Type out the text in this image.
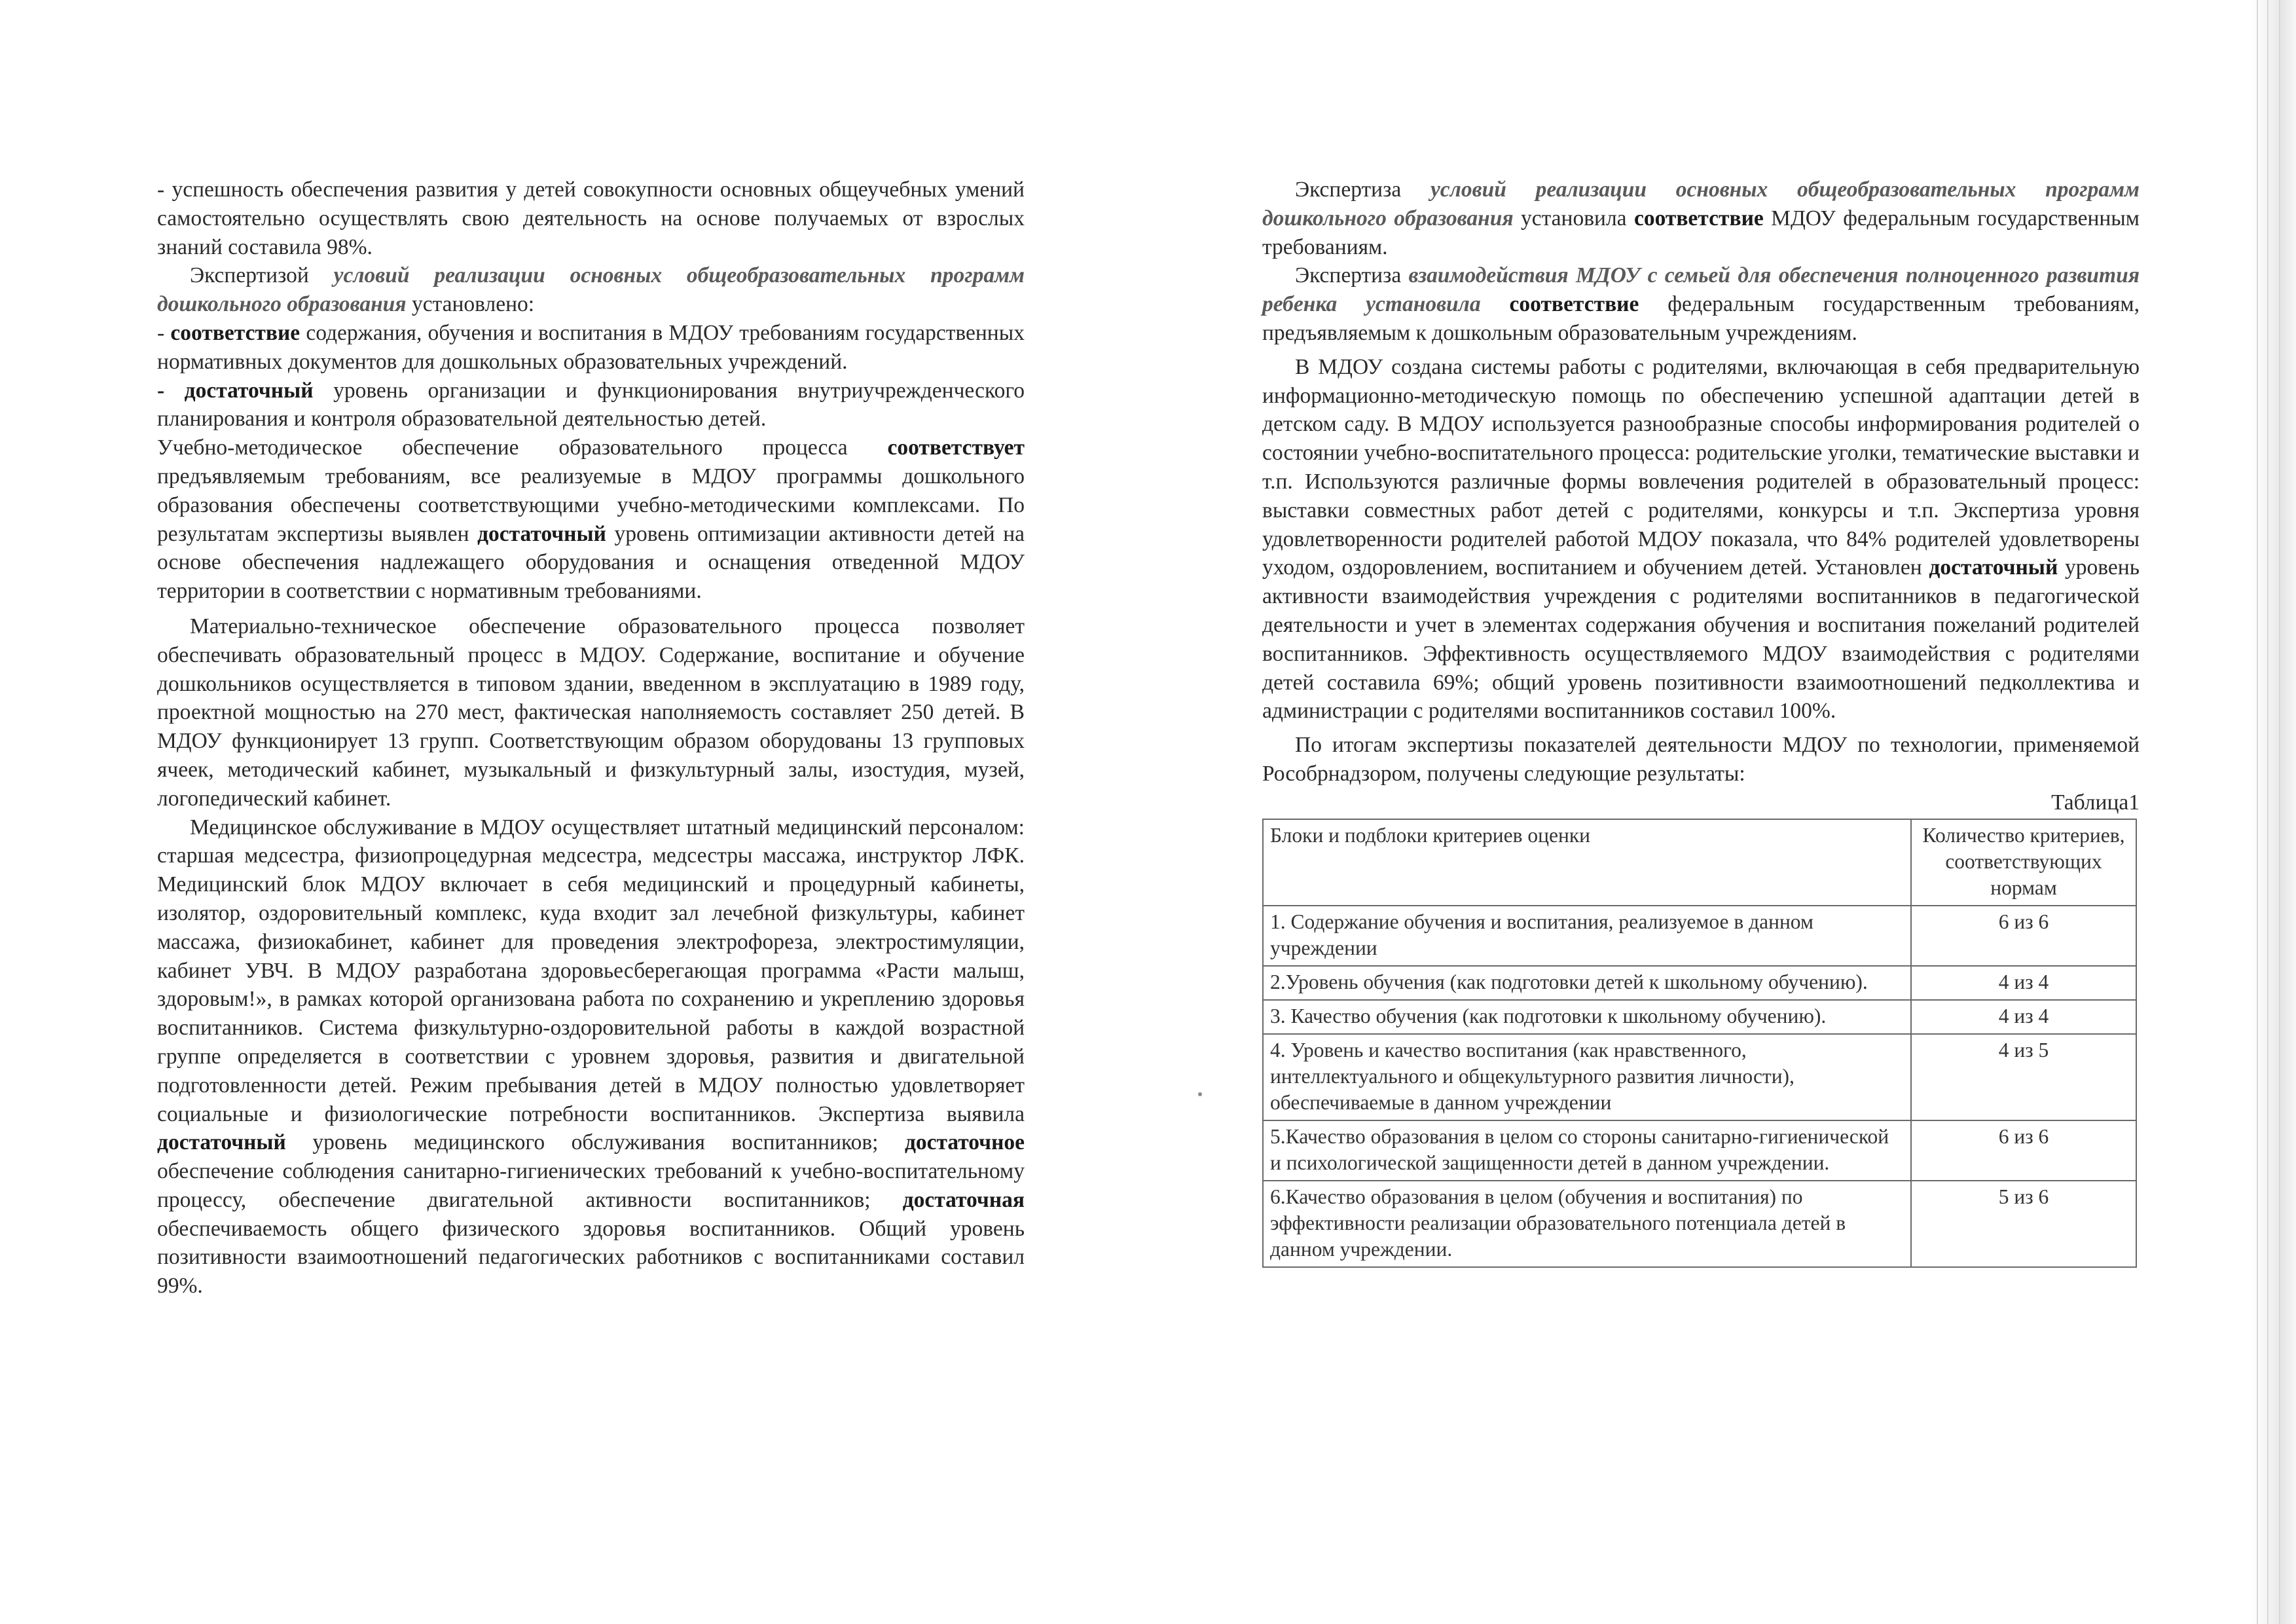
- успешность обеспечения развития у детей совокупности основных общеучебных умений самостоятельно осуществлять свою деятельность на основе получаемых от взрослых знаний составила 98%.

Экспертизой условий реализации основных общеобразовательных программ дошкольного образования установлено:

- соответствие содержания, обучения и воспитания в МДОУ требованиям государственных нормативных документов для дошкольных образовательных учреждений.

- достаточный уровень организации и функционирования внутриучрежденческого планирования и контроля образовательной деятельностью детей.

Учебно-методическое обеспечение образовательного процесса соответствует предъявляемым требованиям, все реализуемые в МДОУ программы дошкольного образования обеспечены соответствующими учебно-методическими комплексами. По результатам экспертизы выявлен достаточный уровень оптимизации активности детей на основе обеспечения надлежащего оборудования и оснащения отведенной МДОУ территории в соответствии с нормативным требованиями.

Материально-техническое обеспечение образовательного процесса позволяет обеспечивать образовательный процесс в МДОУ. Содержание, воспитание и обучение дошкольников осуществляется в типовом здании, введенном в эксплуатацию в 1989 году, проектной мощностью на 270 мест, фактическая наполняемость составляет 250 детей. В МДОУ функционирует 13 групп. Соответствующим образом оборудованы 13 групповых ячеек, методический кабинет, музыкальный и физкультурный залы, изостудия, музей, логопедический кабинет.

Медицинское обслуживание в МДОУ осуществляет штатный медицинский персоналом: старшая медсестра, физиопроцедурная медсестра, медсестры массажа, инструктор ЛФК. Медицинский блок МДОУ включает в себя медицинский и процедурный кабинеты, изолятор, оздоровительный комплекс, куда входит зал лечебной физкультуры, кабинет массажа, физиокабинет, кабинет для проведения электрофореза, электростимуляции, кабинет УВЧ. В МДОУ разработана здоровьесберегающая программа «Расти малыш, здоровым!», в рамках которой организована работа по сохранению и укреплению здоровья воспитанников. Система физкультурно-оздоровительной работы в каждой возрастной группе определяется в соответствии с уровнем здоровья, развития и двигательной подготовленности детей. Режим пребывания детей в МДОУ полностью удовлетворяет социальные и физиологические потребности воспитанников. Экспертиза выявила достаточный уровень медицинского обслуживания воспитанников; достаточное обеспечение соблюдения санитарно-гигиенических требований к учебно-воспитательному процессу, обеспечение двигательной активности воспитанников; достаточная обеспечиваемость общего физического здоровья воспитанников. Общий уровень позитивности взаимоотношений педагогических работников с воспитанниками составил 99%.

Экспертиза условий реализации основных общеобразовательных программ дошкольного образования установила соответствие МДОУ федеральным государственным требованиям.

Экспертиза взаимодействия МДОУ с семьей для обеспечения полноценного развития ребенка установила соответствие федеральным государственным требованиям, предъявляемым к дошкольным образовательным учреждениям.

В МДОУ создана системы работы с родителями, включающая в себя предварительную информационно-методическую помощь по обеспечению успешной адаптации детей в детском саду. В МДОУ используется разнообразные способы информирования родителей о состоянии учебно-воспитательного процесса: родительские уголки, тематические выставки и т.п. Используются различные формы вовлечения родителей в образовательный процесс: выставки совместных работ детей с родителями, конкурсы и т.п. Экспертиза уровня удовлетворенности родителей работой МДОУ показала, что 84% родителей удовлетворены уходом, оздоровлением, воспитанием и обучением детей. Установлен достаточный уровень активности взаимодействия учреждения с родителями воспитанников в педагогической деятельности и учет в элементах содержания обучения и воспитания пожеланий родителей воспитанников. Эффективность осуществляемого МДОУ взаимодействия с родителями детей составила 69%; общий уровень позитивности взаимоотношений педколлектива и администрации с родителями воспитанников составил 100%.

По итогам экспертизы показателей деятельности МДОУ по технологии, применяемой Рособрнадзором, получены следующие результаты:

Таблица1

Блоки и подблоки критериев оценки	Количество критериев, соответствующих нормам
1. Содержание обучения и воспитания, реализуемое в данном учреждении	6 из 6
2.Уровень обучения (как подготовки детей к школьному обучению).	4 из 4
3. Качество обучения (как подготовки к школьному обучению).	4 из 4
4. Уровень и качество воспитания (как нравственного, интеллектуального и общекультурного развития личности), обеспечиваемые в данном учреждении	4 из 5
5.Качество образования в целом со стороны санитарно-гигиенической и психологической защищенности детей в данном учреждении.	6 из 6
6.Качество образования в целом (обучения и воспитания) по эффективности реализации образовательного потенциала детей в данном учреждении.	5 из 6
